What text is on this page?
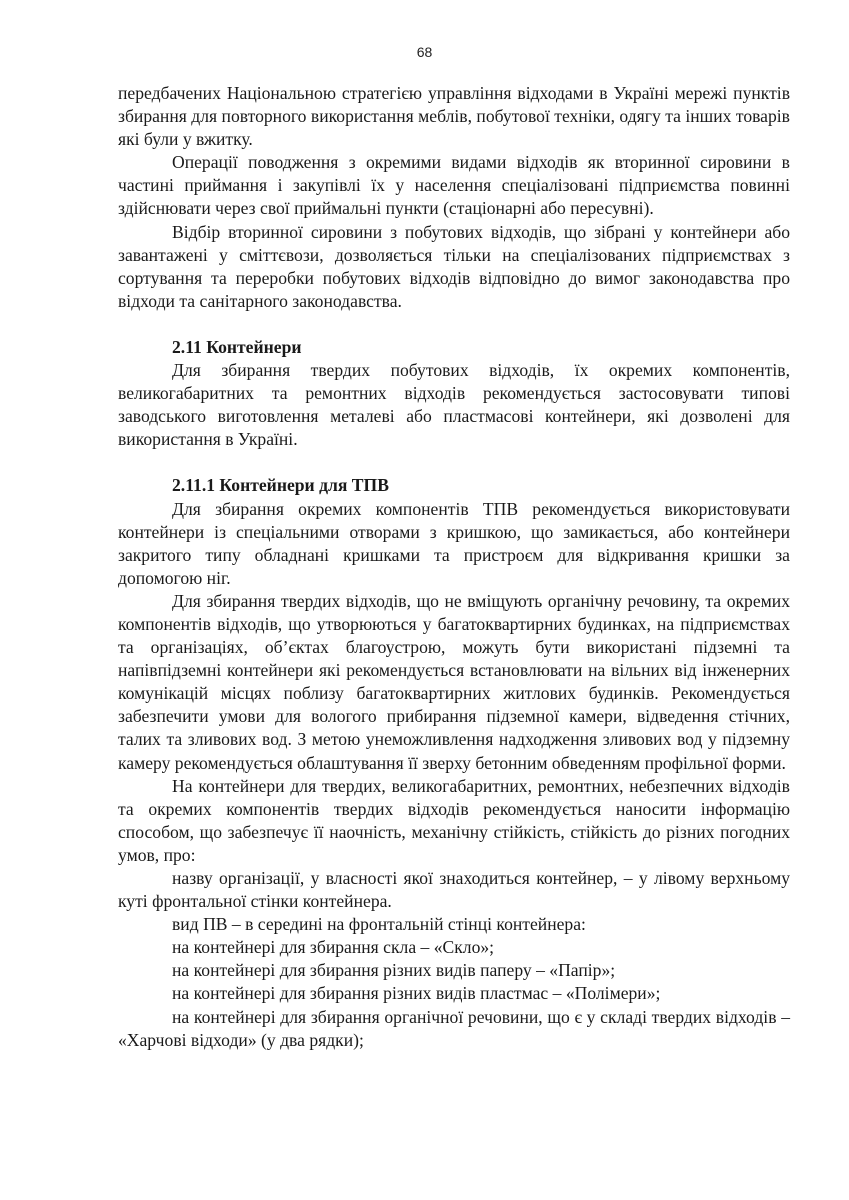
68

передбачених Національною стратегією управління відходами в Україні мережі пунктів збирання для повторного використання меблів, побутової техніки, одягу та інших товарів які були у вжитку.

Операції поводження з окремими видами відходів як вторинної сировини в частині приймання і закупівлі їх у населення спеціалізовані підприємства повинні здійснювати через свої приймальні пункти (стаціонарні або пересувні).

Відбір вторинної сировини з побутових відходів, що зібрані у контейнери або завантажені у сміттєвози, дозволяється тільки на спеціалізованих підприємствах з сортування та переробки побутових відходів відповідно до вимог законодавства про відходи та санітарного законодавства.

2.11 Контейнери

Для збирання твердих побутових відходів, їх окремих компонентів, великогабаритних та ремонтних відходів рекомендується застосовувати типові заводського виготовлення металеві або пластмасові контейнери, які дозволені для використання в Україні.

2.11.1 Контейнери для ТПВ

Для збирання окремих компонентів ТПВ рекомендується використовувати контейнери із спеціальними отворами з кришкою, що замикається, або контейнери закритого типу обладнані кришками та пристроєм для відкривання кришки за допомогою ніг.

Для збирання твердих відходів, що не вміщують органічну речовину, та окремих компонентів відходів, що утворюються у багатоквартирних будинках, на підприємствах та організаціях, об’єктах благоустрою, можуть бути використані підземні та напівпідземні контейнери які рекомендується встановлювати на вільних від інженерних комунікацій місцях поблизу багатоквартирних житлових будинків. Рекомендується забезпечити умови для вологого прибирання підземної камери, відведення стічних, талих та зливових вод. З метою унеможливлення надходження зливових вод у підземну камеру рекомендується облаштування її зверху бетонним обведенням профільної форми.

На контейнери для твердих, великогабаритних, ремонтних, небезпечних відходів та окремих компонентів твердих відходів рекомендується наносити інформацію способом, що забезпечує її наочність, механічну стійкість, стійкість до різних погодних умов, про:

назву організації, у власності якої знаходиться контейнер, – у лівому верхньому куті фронтальної стінки контейнера.

вид ПВ – в середині на фронтальній стінці контейнера:

на контейнері для збирання скла – «Скло»;

на контейнері для збирання різних видів паперу – «Папір»;

на контейнері для збирання різних видів пластмас – «Полімери»;

на контейнері для збирання органічної речовини, що є у складі твердих відходів – «Харчові відходи» (у два рядки);
